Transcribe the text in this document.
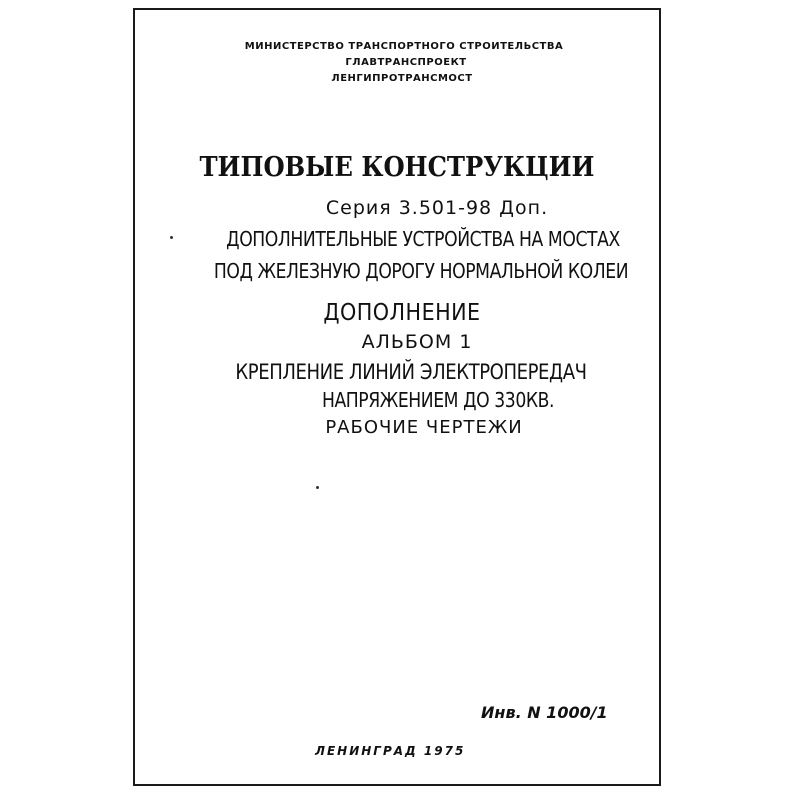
МИНИСТЕРСТВО ТРАНСПОРТНОГО СТРОИТЕЛЬСТВА
ГЛАВТРАНСПРОЕКТ
ЛЕНГИПРОТРАНСМОСТ
ТИПОВЫЕ КОНСТРУКЦИИ
Серия 3.501-98 Доп.
ДОПОЛНИТЕЛЬНЫЕ УСТРОЙСТВА НА МОСТАХ
ПОД ЖЕЛЕЗНУЮ ДОРОГУ НОРМАЛЬНОЙ КОЛЕИ
ДОПОЛНЕНИЕ
АЛЬБОМ 1
КРЕПЛЕНИЕ ЛИНИЙ ЭЛЕКТРОПЕРЕДАЧ
НАПРЯЖЕНИЕМ ДО 330КВ.
РАБОЧИЕ ЧЕРТЕЖИ
Инв. N 1000/1
ЛЕНИНГРАД 1975
